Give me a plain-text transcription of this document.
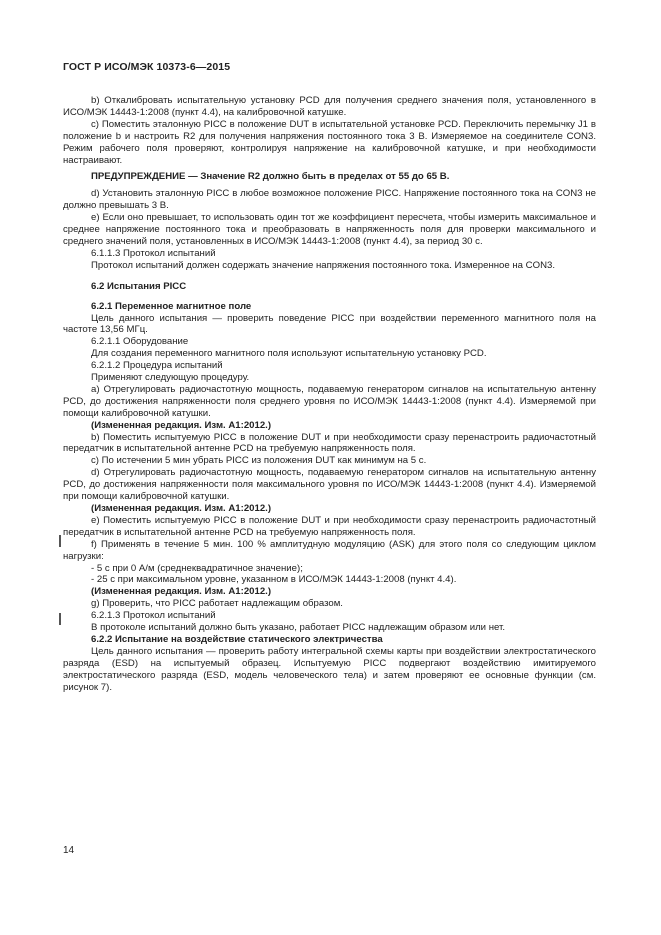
ГОСТ Р ИСО/МЭК 10373-6—2015

b) Откалибровать испытательную установку PCD для получения среднего значения поля, установленного в ИСО/МЭК 14443-1:2008 (пункт 4.4), на калибровочной катушке.

c) Поместить эталонную PICC в положение DUT в испытательной установке PCD. Переключить перемычку J1 в положение b и настроить R2 для получения напряжения постоянного тока 3 В. Измеряемое на соединителе CON3. Режим рабочего поля проверяют, контролируя напряжение на калибровочной катушке, и при необходимости настраивают.

ПРЕДУПРЕЖДЕНИЕ — Значение R2 должно быть в пределах от 55 до 65 В.

d) Установить эталонную PICC в любое возможное положение PICC. Напряжение постоянного тока на CON3 не должно превышать 3 В.

e) Если оно превышает, то использовать один тот же коэффициент пересчета, чтобы измерить максимальное и среднее напряжение постоянного тока и преобразовать в напряженность поля для проверки максимального и среднего значений поля, установленных в ИСО/МЭК 14443-1:2008 (пункт 4.4), за период 30 с.

6.1.1.3 Протокол испытаний

Протокол испытаний должен содержать значение напряжения постоянного тока. Измеренное на CON3.

6.2 Испытания PICC

6.2.1 Переменное магнитное поле

Цель данного испытания — проверить поведение PICC при воздействии переменного магнитного поля на частоте 13,56 МГц.

6.2.1.1 Оборудование

Для создания переменного магнитного поля используют испытательную установку PCD.

6.2.1.2 Процедура испытаний

Применяют следующую процедуру.

a) Отрегулировать радиочастотную мощность, подаваемую генератором сигналов на испытательную антенну PCD, до достижения напряженности поля среднего уровня по ИСО/МЭК 14443-1:2008 (пункт 4.4). Измеряемой при помощи калибровочной катушки.

(Измененная редакция. Изм. А1:2012.)

b) Поместить испытуемую PICC в положение DUT и при необходимости сразу перенастроить радиочастотный передатчик в испытательной антенне PCD на требуемую напряженность поля.

c) По истечении 5 мин убрать PICC из положения DUT как минимум на 5 с.

d) Отрегулировать радиочастотную мощность, подаваемую генератором сигналов на испытательную антенну PCD, до достижения напряженности поля максимального уровня по ИСО/МЭК 14443-1:2008 (пункт 4.4). Измеряемой при помощи калибровочной катушки.

(Измененная редакция. Изм. А1:2012.)

e) Поместить испытуемую PICC в положение DUT и при необходимости сразу перенастроить радиочастотный передатчик в испытательной антенне PCD на требуемую напряженность поля.

f) Применять в течение 5 мин. 100 % амплитудную модуляцию (ASK) для этого поля со следующим циклом нагрузки:

- 5 с при 0 А/м (среднеквадратичное значение);

- 25 с при максимальном уровне, указанном в ИСО/МЭК 14443-1:2008 (пункт 4.4).

(Измененная редакция. Изм. А1:2012.)

g) Проверить, что PICC работает надлежащим образом.

6.2.1.3 Протокол испытаний

В протоколе испытаний должно быть указано, работает PICC надлежащим образом или нет.

6.2.2 Испытание на воздействие статического электричества

Цель данного испытания — проверить работу интегральной схемы карты при воздействии электростатического разряда (ESD) на испытуемый образец. Испытуемую PICC подвергают воздействию имитируемого электростатического разряда (ESD, модель человеческого тела) и затем проверяют ее основные функции (см. рисунок 7).

14
